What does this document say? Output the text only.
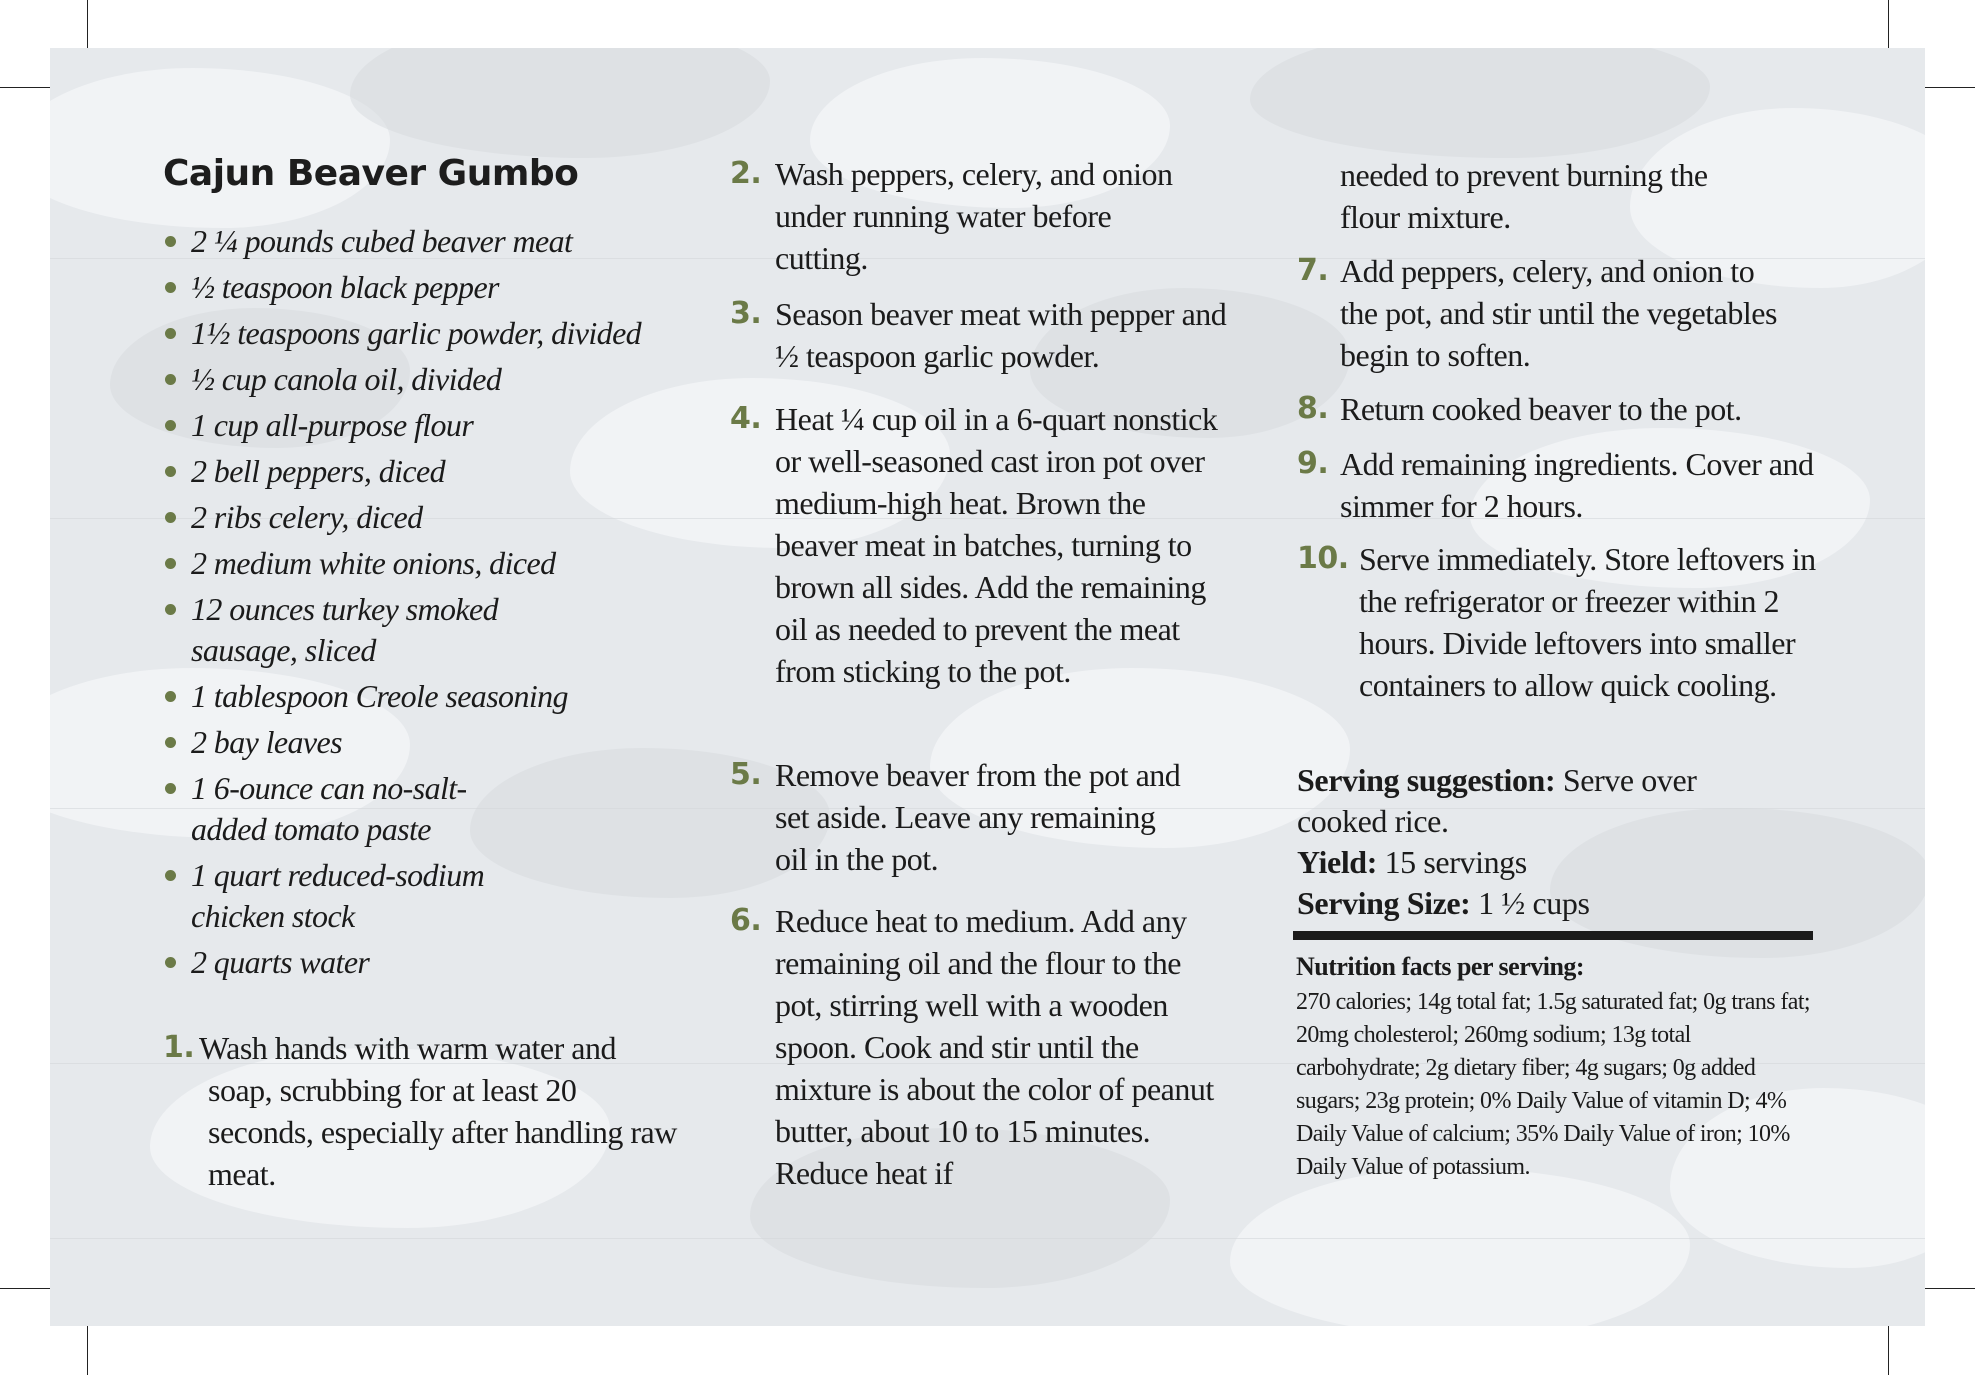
Cajun Beaver Gumbo
2 ¼ pounds cubed beaver meat
½ teaspoon black pepper
1½ teaspoons garlic powder, divided
½ cup canola oil, divided
1 cup all-purpose flour
2 bell peppers, diced
2 ribs celery, diced
2 medium white onions, diced
12 ounces turkey smoked sausage, sliced
1 tablespoon Creole seasoning
2 bay leaves
1 6-ounce can no-salt-added tomato paste
1 quart reduced-sodium chicken stock
2 quarts water
1. Wash hands with warm water and soap, scrubbing for at least 20 seconds, especially after handling raw meat.
2. Wash peppers, celery, and onion under running water before cutting.
3. Season beaver meat with pepper and ½ teaspoon garlic powder.
4. Heat ¼ cup oil in a 6-quart nonstick or well-seasoned cast iron pot over medium-high heat. Brown the beaver meat in batches, turning to brown all sides. Add the remaining oil as needed to prevent the meat from sticking to the pot.
5. Remove beaver from the pot and set aside. Leave any remaining oil in the pot.
6. Reduce heat to medium. Add any remaining oil and the flour to the pot, stirring well with a wooden spoon. Cook and stir until the mixture is about the color of peanut butter, about 10 to 15 minutes. Reduce heat if
needed to prevent burning the flour mixture.
7. Add peppers, celery, and onion to the pot, and stir until the vegetables begin to soften.
8. Return cooked beaver to the pot.
9. Add remaining ingredients. Cover and simmer for 2 hours.
10. Serve immediately. Store leftovers in the refrigerator or freezer within 2 hours. Divide leftovers into smaller containers to allow quick cooling.
Serving suggestion: Serve over cooked rice.
Yield: 15 servings
Serving Size: 1 ½ cups
Nutrition facts per serving:
270 calories; 14g total fat; 1.5g saturated fat; 0g trans fat; 20mg cholesterol; 260mg sodium; 13g total carbohydrate; 2g dietary fiber; 4g sugars; 0g added sugars; 23g protein; 0% Daily Value of vitamin D; 4% Daily Value of calcium; 35% Daily Value of iron; 10% Daily Value of potassium.
